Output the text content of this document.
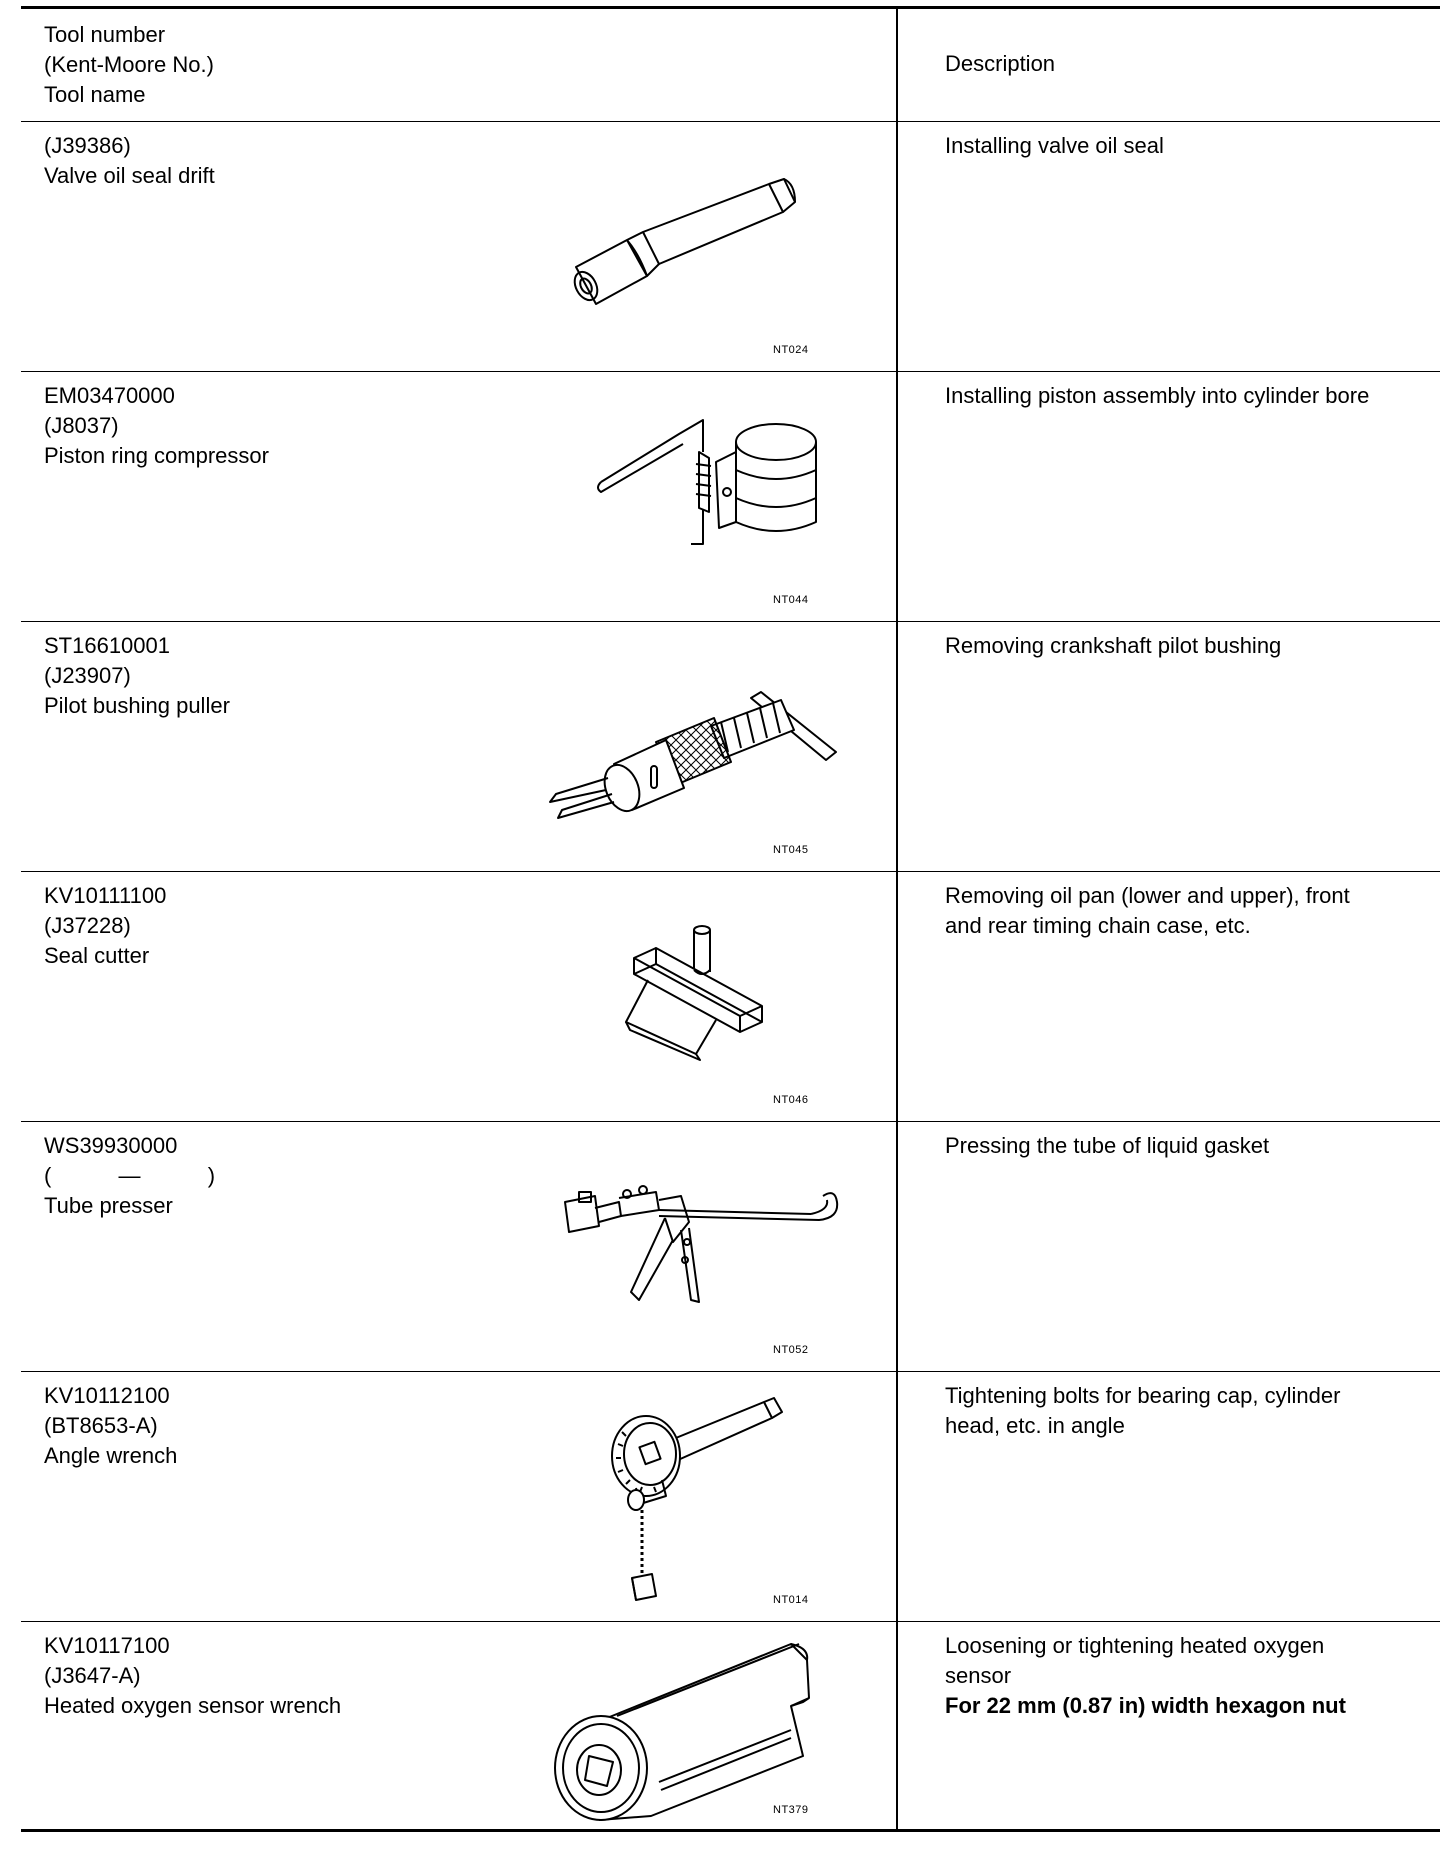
Tool number
(Kent-Moore No.)
Tool name
Description
(J39386)
Valve oil seal drift
NT024
Installing valve oil seal
EM03470000
(J8037)
Piston ring compressor
NT044
Installing piston assembly into cylinder bore
ST16610001
(J23907)
Pilot bushing puller
NT045
Removing crankshaft pilot bushing
KV10111100
(J37228)
Seal cutter
NT046
Removing oil pan (lower and upper), front
and rear timing chain case, etc.
WS39930000
(           —           )
Tube presser
NT052
Pressing the tube of liquid gasket
KV10112100
(BT8653-A)
Angle wrench
NT014
Tightening bolts for bearing cap, cylinder
head, etc. in angle
KV10117100
(J3647-A)
Heated oxygen sensor wrench
NT379
Loosening or tightening heated oxygen
sensor
For 22 mm (0.87 in) width hexagon nut
